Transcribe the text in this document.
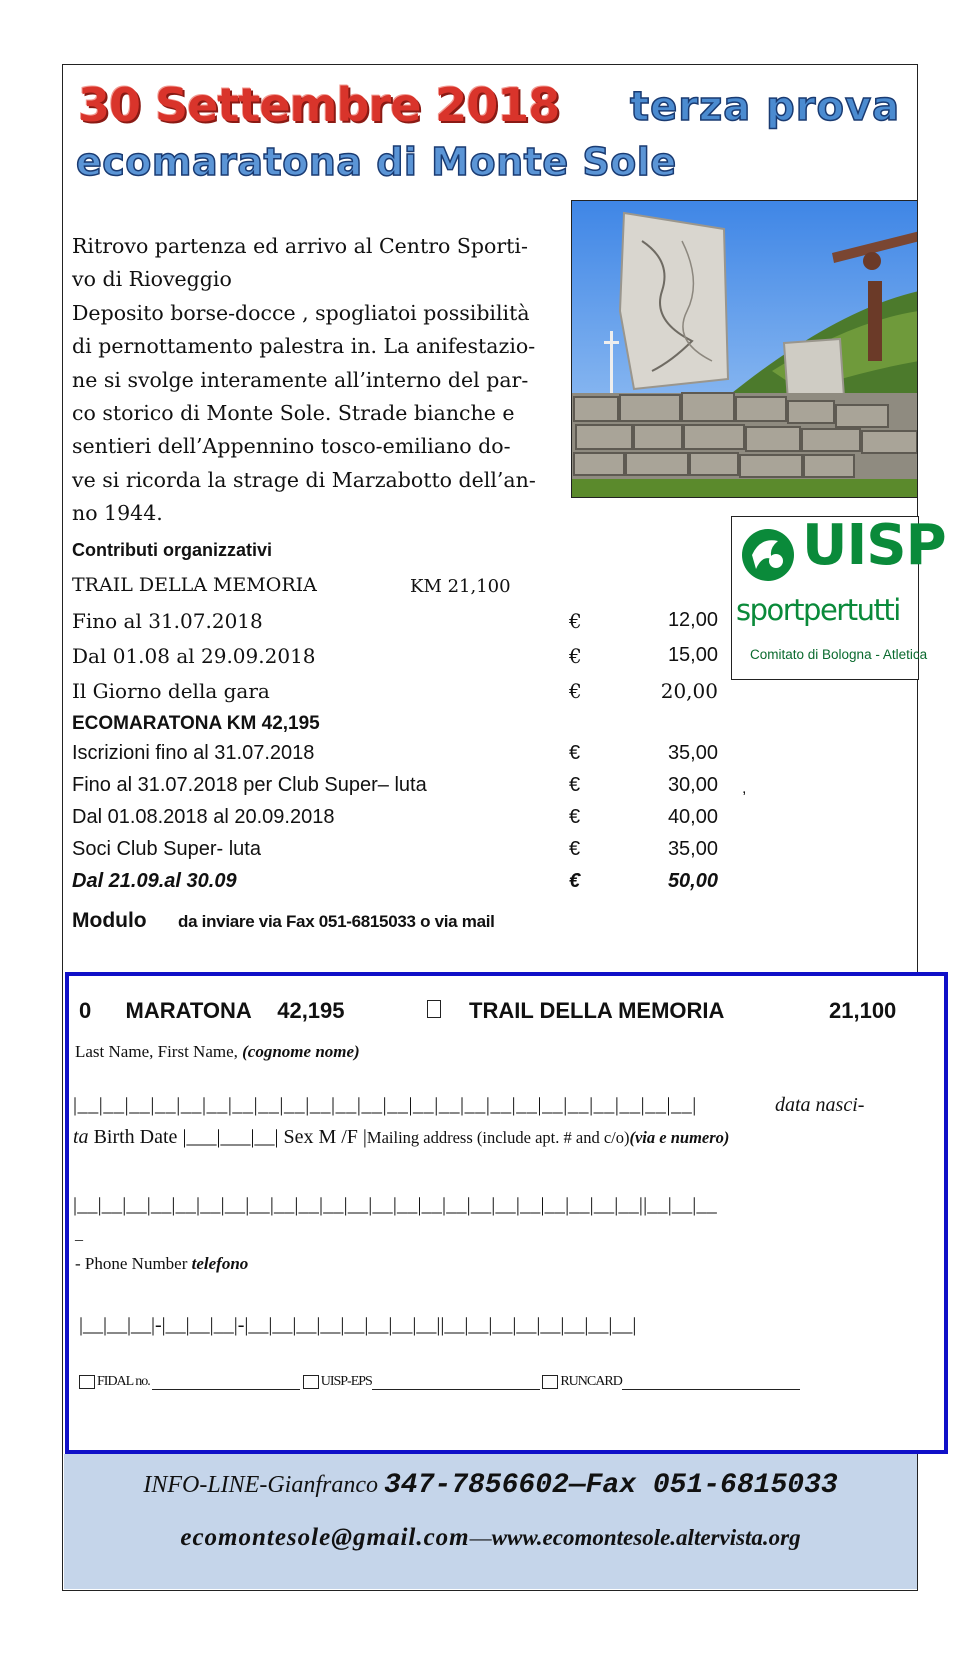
30 Settembre 2018 terza prova
ecomaratona di Monte Sole
Ritrovo partenza ed arrivo al Centro Sporti-
vo di Rioveggio
Deposito borse-docce , spogliatoi possibilità
di pernottamento palestra in. La anifestazio-
ne si svolge interamente all’interno del par-
co storico di Monte Sole. Strade bianche e
sentieri dell’Appennino tosco-emiliano do-
ve si ricorda la strage di Marzabotto dell’an-
no 1944.	UISP
sportpertutti
Comitato di Bologna - Atletica
Contributi organizzativi
TRAIL DELLA MEMORIA	KM 21,100
Fino al 31.07.2018	€	12,00
Dal 01.08 al 29.09.2018	€	15,00
Il Giorno della gara	€	20,00
ECOMARATONA KM 42,195
Iscrizioni fino al 31.07.2018	€	35,00
Fino al 31.07.2018 per Club Super– luta	€	30,00 ,
Dal 01.08.2018 al 20.09.2018	€	40,00
Soci Club Super- luta	€	35,00
Dal 21.09.al 30.09	€	50,00
Modulo da inviare via Fax 051-6815033 o via mail
0 MARATONA 42,195	TRAIL DELLA MEMORIA	21,100
Last Name, First Name, (cognome nome)
|__|__|__|__|__|__|__|__|__|__|__|__|__|__|__|__|__|__|__|__|__|__|__|__|	data nasci-
ta Birth Date |___|___|__| Sex M /F |Mailing address (include apt. # and c/o)(via e numero)
|__|__|__|__|__|__|__|__|__|__|__|__|__|__|__|__|__|__|__|__|__|__|__||__|__|__
_
- Phone Number telefono
|__|__|__|-|__|__|__|-|__|__|__|__|__|__|__|__||__|__|__|__|__|__|__|__|
FIDAL no.	UISP-EPS	RUNCARD
INFO-LINE-Gianfranco 347-7856602—Fax 051-6815033
ecomontesole@gmail.com—www.ecomontesole.altervista.org
